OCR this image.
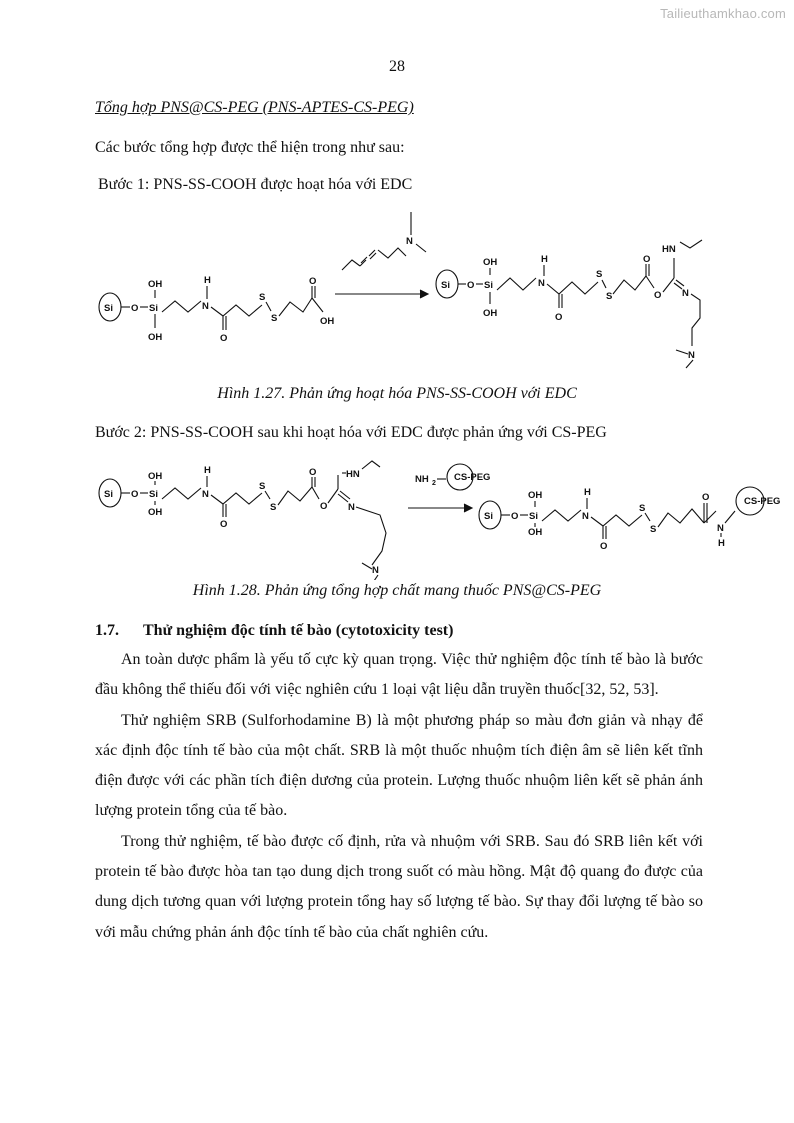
Tailieuthamkhao.com
28
Tổng hợp PNS@CS-PEG (PNS-APTES-CS-PEG)
Các bước tổng hợp được thể hiện trong như sau:
Bước 1: PNS-SS-COOH được hoạt hóa với EDC
Si O Si
OH
OH
N
H
O
S
S
O
OH
N
Si O Si
OH
OH
N
H
O
S
S
O
O
HN
N
N
Hình 1.27. Phản ứng hoạt hóa PNS-SS-COOH với EDC
Bước 2: PNS-SS-COOH sau khi hoạt hóa với EDC được phản ứng với CS-PEG
Si O Si
OH
OH
N
H
O
S
S
O
O
HN
N
N
NH 2
CS-PEG
Si O Si
OH
OH
N
H
O
S
S
O
N
H
CS-PEG
Hình 1.28. Phản ứng tổng hợp chất mang thuốc PNS@CS-PEG
1.7. Thử nghiệm độc tính tế bào (cytotoxicity test)

An toàn dược phẩm là yếu tố cực kỳ quan trọng. Việc thử nghiệm độc tính tế bào là bước đầu không thể thiếu đối với việc nghiên cứu 1 loại vật liệu dẫn truyền thuốc[32, 52, 53].

Thử nghiệm SRB (Sulforhodamine B) là một phương pháp so màu đơn giản và nhạy để xác định độc tính tế bào của một chất. SRB là một thuốc nhuộm tích điện âm sẽ liên kết tĩnh điện được với các phần tích điện dương của protein. Lượng thuốc nhuộm liên kết sẽ phản ánh lượng protein tổng của tế bào.

Trong thử nghiệm, tế bào được cố định, rửa và nhuộm với SRB. Sau đó SRB liên kết với protein tế bào được hòa tan tạo dung dịch trong suốt có màu hồng. Mật độ quang đo được của dung dịch tương quan với lượng protein tổng hay số lượng tế bào. Sự thay đổi lượng tế bào so với mẫu chứng phản ánh độc tính tế bào của chất nghiên cứu.
